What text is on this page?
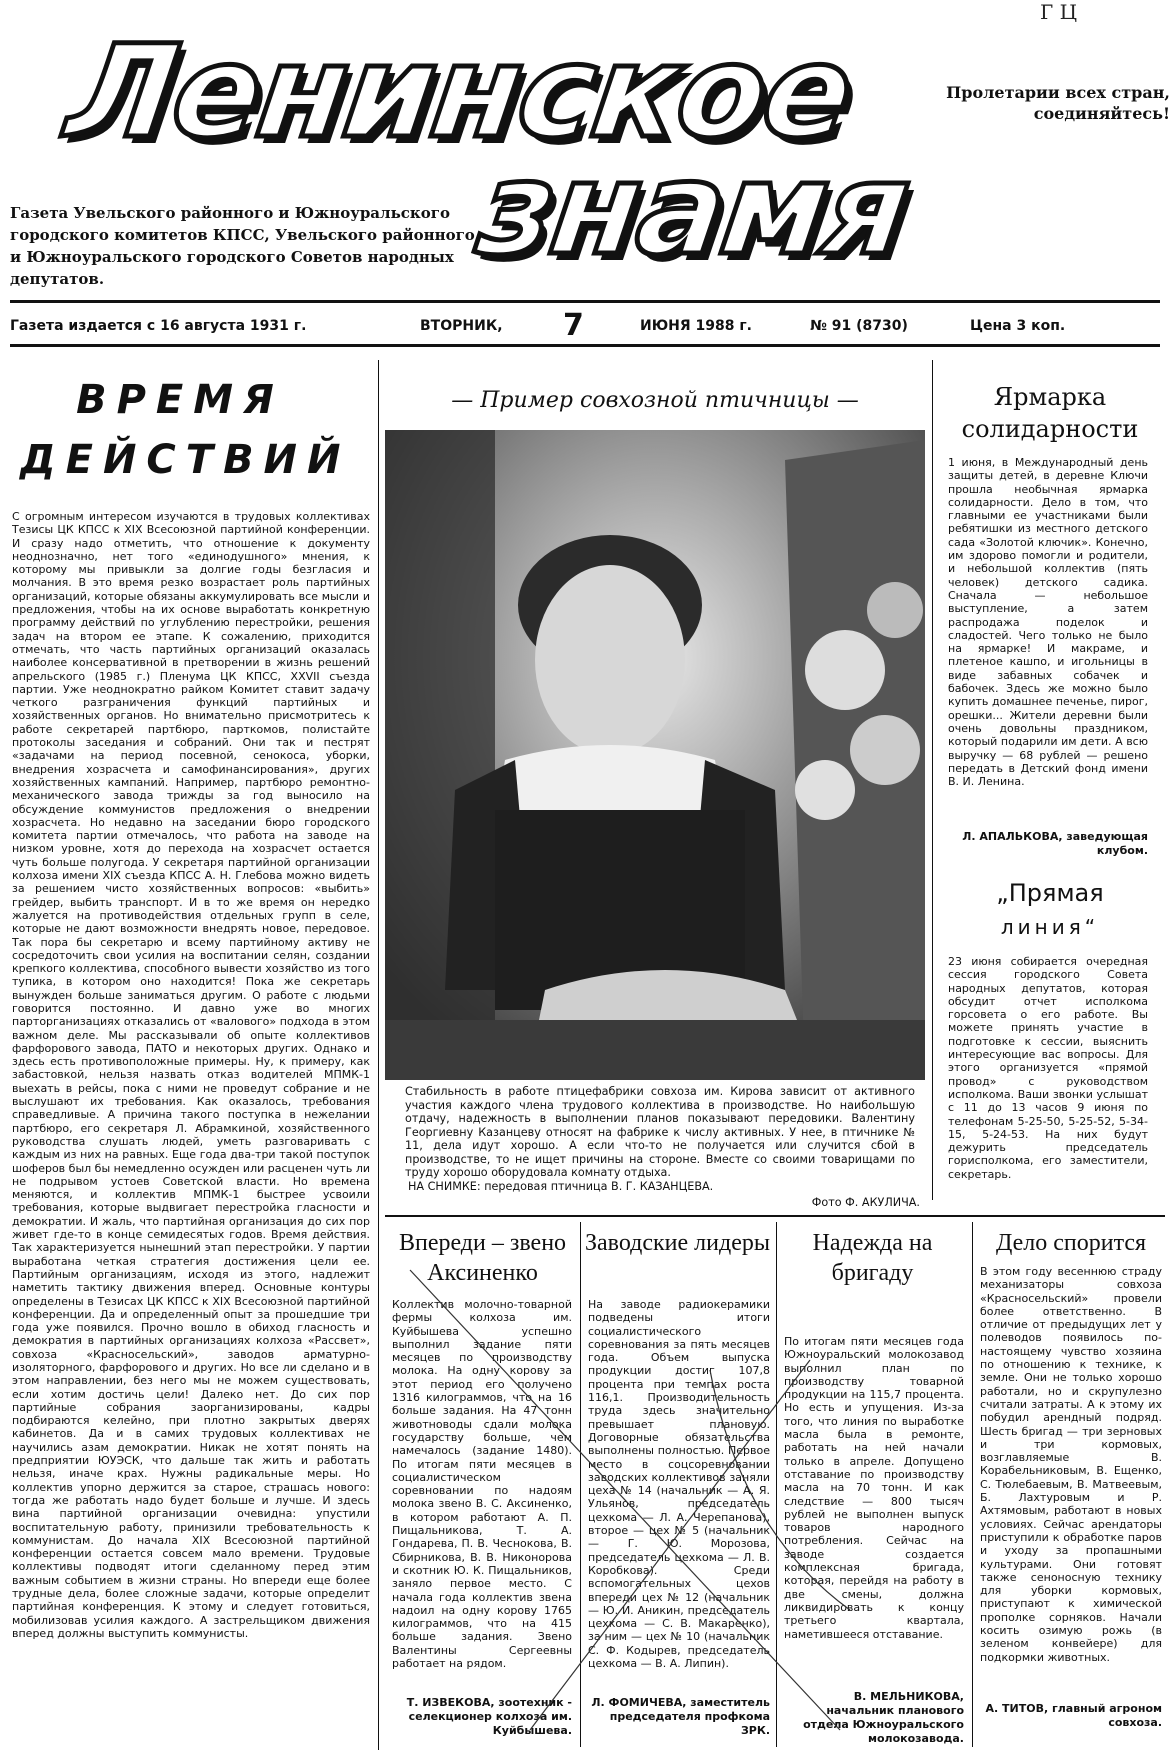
Г Ц
Ленинское
знамя
Пролетарии всех стран, соединяйтесь!
Газета Увельского районного и Южноуральского городского комитетов КПСС, Увельского районного и Южноуральского городского Советов народных депутатов.
Газета издается с 16 августа 1931 г.	ВТОРНИК, 7	ИЮНЯ 1988 г.	№ 91 (8730)	Цена 3 коп.
ВРЕМЯ
ДЕЙСТВИЙ
С огромным интересом изучаются в трудовых коллективах Тезисы ЦК КПСС к XIX Всесоюзной партийной конференции. И сразу надо отметить, что отношение к документу неоднозначно, нет того «единодушного» мнения, к которому мы привыкли за долгие годы безгласия и молчания. В это время резко возрастает роль партийных организаций, которые обязаны аккумулировать все мысли и предложения, чтобы на их основе выработать конкретную программу действий по углублению перестройки, решения задач на втором ее этапе. К сожалению, приходится отмечать, что часть партийных организаций оказалась наиболее консервативной в претворении в жизнь решений апрельского (1985 г.) Пленума ЦК КПСС, XXVII съезда партии. Уже неоднократно райком Комитет ставит задачу четкого разграничения функций партийных и хозяйственных органов. Но внимательно присмотритесь к работе секретарей партбюро, парткомов, полистайте протоколы заседания и собраний. Они так и пестрят «задачами на период посевной, сенокоса, уборки, внедрения хозрасчета и самофинансирования», других хозяйственных кампаний. Например, партбюро ремонтно-механического завода трижды за год выносило на обсуждение коммунистов предложения о внедрении хозрасчета. Но недавно на заседании бюро городского комитета партии отмечалось, что работа на заводе на низком уровне, хотя до перехода на хозрасчет остается чуть больше полугода. У секретаря партийной организации колхоза имени XIX съезда КПСС А. Н. Глебова можно видеть за решением чисто хозяйственных вопросов: «выбить» грейдер, выбить транспорт. И в то же время он нередко жалуется на противодействия отдельных групп в селе, которые не дают возможности внедрять новое, передовое. Так пора бы секретарю и всему партийному активу не сосредоточить свои усилия на воспитании селян, создании крепкого коллектива, способного вывести хозяйство из того тупика, в котором оно находится! Пока же секретарь вынужден больше заниматься другим. О работе с людьми говорится постоянно. И давно уже во многих парторганизациях отказались от «валового» подхода в этом важном деле. Мы рассказывали об опыте коллективов фарфорового завода, ПАТО и некоторых других. Однако и здесь есть противоположные примеры. Ну, к примеру, как забастовкой, нельзя назвать отказ водителей МПМК-1 выехать в рейсы, пока с ними не проведут собрание и не выслушают их требования. Как оказалось, требования справедливые. А причина такого поступка в нежелании партбюро, его секретаря Л. Абрамкиной, хозяйственного руководства слушать людей, уметь разговаривать с каждым из них на равных. Еще года два-три такой поступок шоферов был бы немедленно осужден или расценен чуть ли не подрывом устоев Советской власти. Но времена меняются, и коллектив МПМК-1 быстрее усвоили требования, которые выдвигает перестройка гласности и демократии. И жаль, что партийная организация до сих пор живет где-то в конце семидесятых годов. Время действия. Так характеризуется нынешний этап перестройки. У партии выработана четкая стратегия достижения цели ее. Партийным организациям, исходя из этого, надлежит наметить тактику движения вперед. Основные контуры определены в Тезисах ЦК КПСС к XIX Всесоюзной партийной конференции. Да и определенный опыт за прошедшие три года уже появился. Прочно вошло в обиход гласность и демократия в партийных организациях колхоза «Рассвет», совхоза «Красносельский», заводов арматурно-изоляторного, фарфорового и других. Но все ли сделано и в этом направлении, без него мы не можем существовать, если хотим достичь цели! Далеко нет. До сих пор партийные собрания заорганизированы, кадры подбираются келейно, при плотно закрытых дверях кабинетов. Да и в самих трудовых коллективах не научились азам демократии. Никак не хотят понять на предприятии ЮУЭСК, что дальше так жить и работать нельзя, иначе крах. Нужны радикальные меры. Но коллектив упорно держится за старое, страшась нового: тогда же работать надо будет больше и лучше. И здесь вина партийной организации очевидна: упустили воспитательную работу, принизили требовательность к коммунистам. До начала XIX Всесоюзной партийной конференции остается совсем мало времени. Трудовые коллективы подводят итоги сделанному перед этим важным событием в жизни страны. Но впереди еще более трудные дела, более сложные задачи, которые определит партийная конференция. К этому и следует готовиться, мобилизовав усилия каждого. А застрельщиком движения вперед должны выступить коммунисты.
— Пример совхозной птичницы —
Стабильность в работе птицефабрики совхоза им. Кирова зависит от активного участия каждого члена трудового коллектива в производстве. Но наибольшую отдачу, надежность в выполнении планов показывают передовики. Валентину Георгиевну Казанцеву относят на фабрике к числу активных. У нее, в птичнике № 11, дела идут хорошо. А если что-то не получается или случится сбой в производстве, то не ищет причины на стороне. Вместе со своими товарищами по труду хорошо оборудовала комнату отдыха.
НА СНИМКЕ: передовая птичница В. Г. КАЗАНЦЕВА.
Фото Ф. АКУЛИЧА.
Ярмарка
солидарности
1 июня, в Международный день защиты детей, в деревне Ключи прошла необычная ярмарка солидарности. Дело в том, что главными ее участниками были ребятишки из местного детского сада «Золотой ключик». Конечно, им здорово помогли и родители, и небольшой коллектив (пять человек) детского садика. Сначала — небольшое выступление, а затем распродажа поделок и сладостей. Чего только не было на ярмарке! И макраме, и плетеное кашпо, и игольницы в виде забавных собачек и бабочек. Здесь же можно было купить домашнее печенье, пирог, орешки... Жители деревни были очень довольны праздником, который подарили им дети. А всю выручку — 68 рублей — решено передать в Детский фонд имени В. И. Ленина.
Л. АПАЛЬКОВА, заведующая клубом.
„Прямая
линия“
23 июня собирается очередная сессия городского Совета народных депутатов, которая обсудит отчет исполкома горсовета о его работе. Вы можете принять участие в подготовке к сессии, выяснить интересующие вас вопросы. Для этого организуется «прямой провод» с руководством исполкома. Ваши звонки услышат с 11 до 13 часов 9 июня по телефонам 5-25-50, 5-25-52, 5-34-15, 5-24-53. На них будут дежурить председатель горисполкома, его заместители, секретарь.
Впереди – звено Аксиненко
Коллектив молочно-товарной фермы колхоза им. Куйбышева успешно выполнил задание пяти месяцев по производству молока. На одну корову за этот период его получено 1316 килограммов, что на 16 больше задания. На 47 тонн животноводы сдали молока государству больше, чем намечалось (задание 1480). По итогам пяти месяцев в социалистическом соревновании по надоям молока звено В. С. Аксиненко, в котором работают А. П. Пищальникова, Т. А. Гондарева, П. В. Чеснокова, В. Сбирникова, В. В. Никонорова и скотник Ю. К. Пищальников, заняло первое место. С начала года коллектив звена надоил на одну корову 1765 килограммов, что на 415 больше задания. Звено Валентины Сергеевны работает на рядом.
Т. ИЗВЕКОВА, зоотехник - селекционер колхоза им. Куйбышева.
Заводские лидеры
На заводе радиокерамики подведены итоги социалистического соревнования за пять месяцев года. Объем выпуска продукции достиг 107,8 процента при темпах роста 116,1. Производительность труда здесь значительно превышает плановую. Договорные обязательства выполнены полностью. Первое место в соцсоревновании заводских коллективов заняли цеха № 14 (начальник — А. Я. Ульянов, председатель цехкома — Л. А. Черепанова), второе — цех № 5 (начальник — Г. Ю. Морозова, председатель цехкома — Л. В. Коробкова). Среди вспомогательных цехов впереди цех № 12 (начальник — Ю. И. Аникин, председатель цехкома — С. В. Макаренко), за ним — цех № 10 (начальник С. Ф. Кодырев, председатель цехкома — В. А. Липин).
Л. ФОМИЧЕВА, заместитель председателя профкома ЗРК.
Надежда на бригаду
По итогам пяти месяцев года Южноуральский молокозавод выполнил план по производству товарной продукции на 115,7 процента. Но есть и упущения. Из-за того, что линия по выработке масла была в ремонте, работать на ней начали только в апреле. Допущено отставание по производству масла на 70 тонн. И как следствие — 800 тысяч рублей не выполнен выпуск товаров народного потребления. Сейчас на заводе создается комплексная бригада, которая, перейдя на работу в две смены, должна ликвидировать к концу третьего квартала, наметившееся отставание.
В. МЕЛЬНИКОВА, начальник планового отдела Южноуральского молокозавода.
Дело спорится
В этом году весеннюю страду механизаторы совхоза «Красносельский» провели более ответственно. В отличие от предыдущих лет у полеводов появилось по-настоящему чувство хозяина по отношению к технике, к земле. Они не только хорошо работали, но и скрупулезно считали затраты. А к этому их побудил арендный подряд. Шесть бригад — три зерновых и три кормовых, возглавляемые В. Корабельниковым, В. Ещенко, С. Тюлебаевым, В. Матвеевым, Б. Лахтуровым и Р. Ахтямовым, работают в новых условиях. Сейчас арендаторы приступили к обработке паров и уходу за пропашными культурами. Они готовят также сеноносную технику для уборки кормовых, приступают к химической прополке сорняков. Начали косить озимую рожь (в зеленом конвейере) для подкормки животных.
А. ТИТОВ, главный агроном совхоза.
